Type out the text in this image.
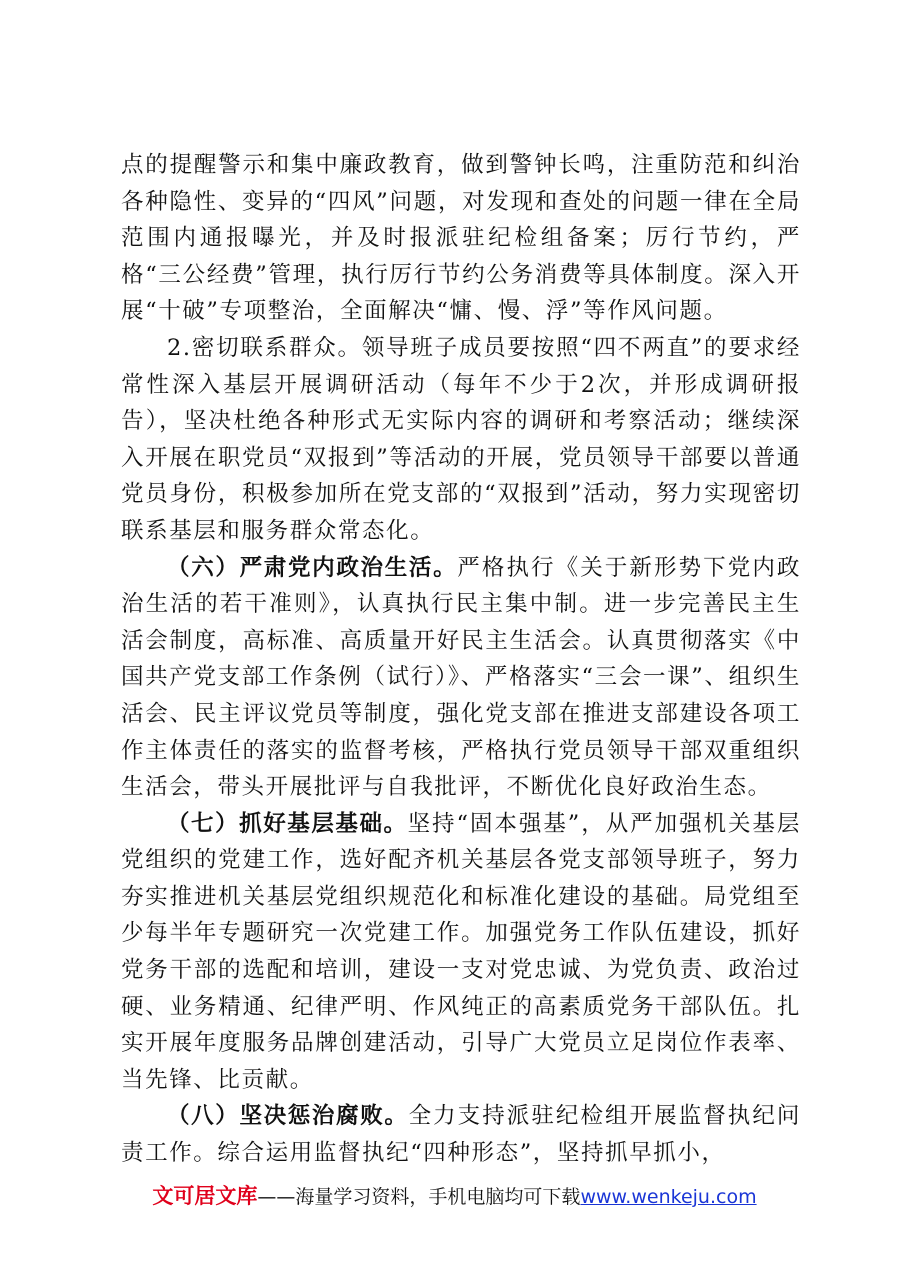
点的提醒警示和集中廉政教育，做到警钟长鸣，注重防范和纠治各种隐性、变异的“四风”问题，对发现和查处的问题一律在全局范围内通报曝光，并及时报派驻纪检组备案；厉行节约，严格“三公经费”管理，执行厉行节约公务消费等具体制度。深入开展“十破”专项整治，全面解决“慵、慢、浮”等作风问题。

2.密切联系群众。领导班子成员要按照“四不两直”的要求经常性深入基层开展调研活动（每年不少于2次，并形成调研报告），坚决杜绝各种形式无实际内容的调研和考察活动；继续深入开展在职党员“双报到”等活动的开展，党员领导干部要以普通党员身份，积极参加所在党支部的“双报到”活动，努力实现密切联系基层和服务群众常态化。

（六）严肃党内政治生活。严格执行《关于新形势下党内政治生活的若干准则》，认真执行民主集中制。进一步完善民主生活会制度，高标准、高质量开好民主生活会。认真贯彻落实《中国共产党支部工作条例（试行）》、严格落实“三会一课”、组织生活会、民主评议党员等制度，强化党支部在推进支部建设各项工作主体责任的落实的监督考核，严格执行党员领导干部双重组织生活会，带头开展批评与自我批评，不断优化良好政治生态。

（七）抓好基层基础。坚持“固本强基”，从严加强机关基层党组织的党建工作，选好配齐机关基层各党支部领导班子，努力夯实推进机关基层党组织规范化和标准化建设的基础。局党组至少每半年专题研究一次党建工作。加强党务工作队伍建设，抓好党务干部的选配和培训，建设一支对党忠诚、为党负责、政治过硬、业务精通、纪律严明、作风纯正的高素质党务干部队伍。扎实开展年度服务品牌创建活动，引导广大党员立足岗位作表率、当先锋、比贡献。

（八）坚决惩治腐败。全力支持派驻纪检组开展监督执纪问责工作。综合运用监督执纪“四种形态”，坚持抓早抓小，

文可居文库——海量学习资料，手机电脑均可下载www.wenkeju.com
